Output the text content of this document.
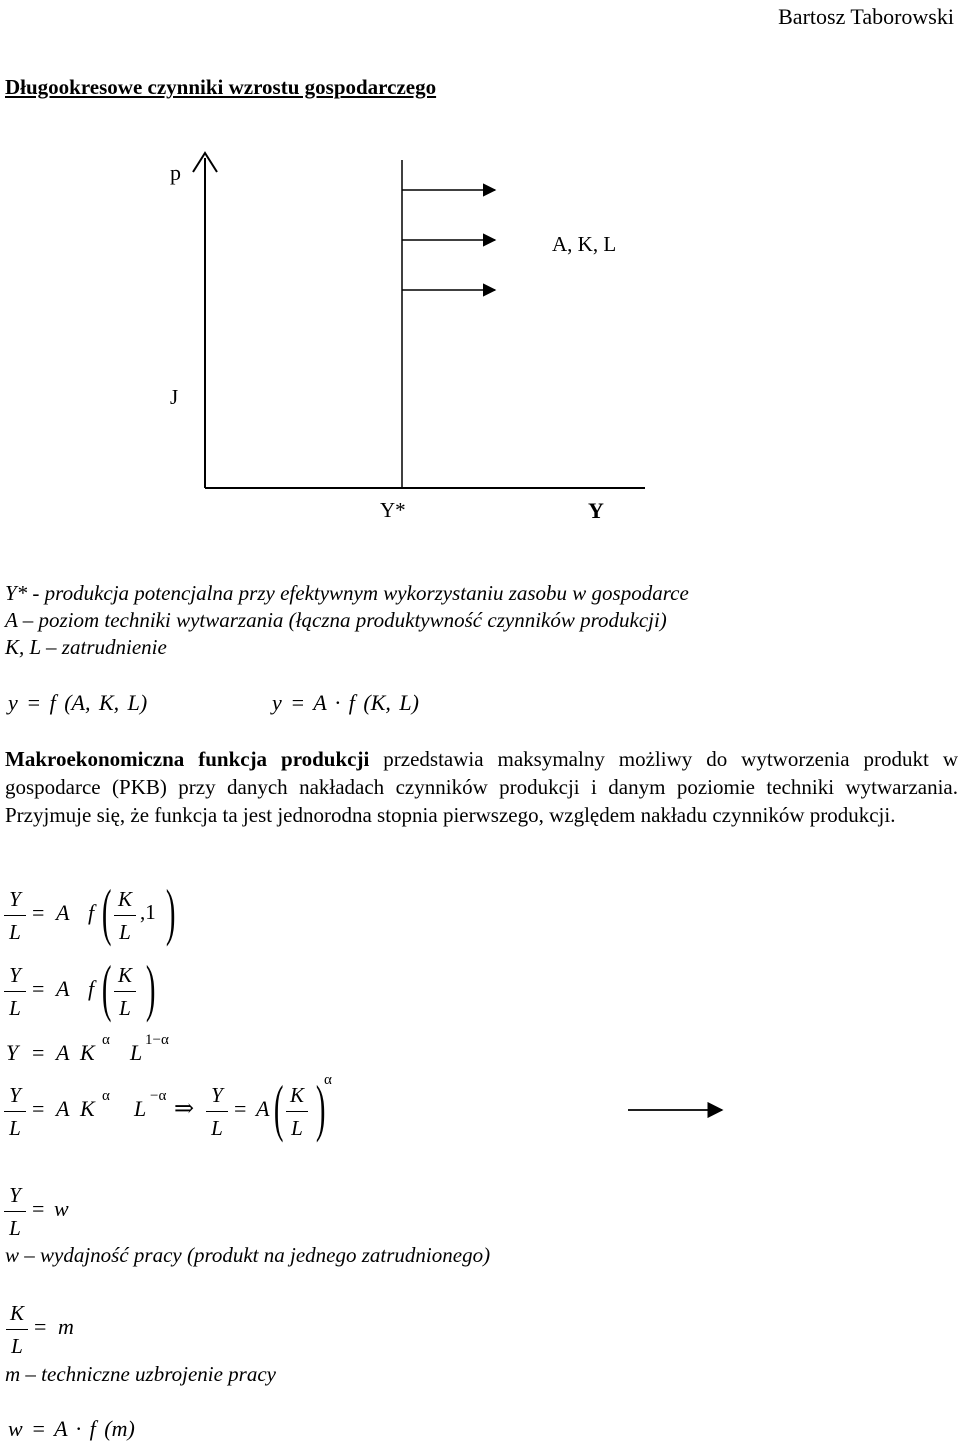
Bartosz Taborowski
Długookresowe czynniki wzrostu gospodarczego
p
A, K, L
J
Y*	Y
Y* - produkcja potencjalna przy efektywnym wykorzystaniu zasobu w gospodarce
A – poziom techniki wytwarzania (łączna produktywność czynników produkcji)
K, L – zatrudnienie
y = f (A, K, L)	y = A · f (K, L)
Makroekonomiczna funkcja produkcji przedstawia maksymalny możliwy do wytworzenia produkt w gospodarce (PKB) przy danych nakładach czynników produkcji i danym poziomie techniki wytwarzania. Przyjmuje się, że funkcja ta jest jednorodna stopnia pierwszego, względem nakładu czynników produkcji.
Y
L
= A f ( K
L
,1 )
Y
L
= A f ( K
L )
Y = A K α L 1−α
Y
L
= A K α L −α ⇒
Y
L
= A ( K
L )
α
Y
L
= w
w – wydajność pracy (produkt na jednego zatrudnionego)
K
L
= m
m – techniczne uzbrojenie pracy
w = A · f (m)
